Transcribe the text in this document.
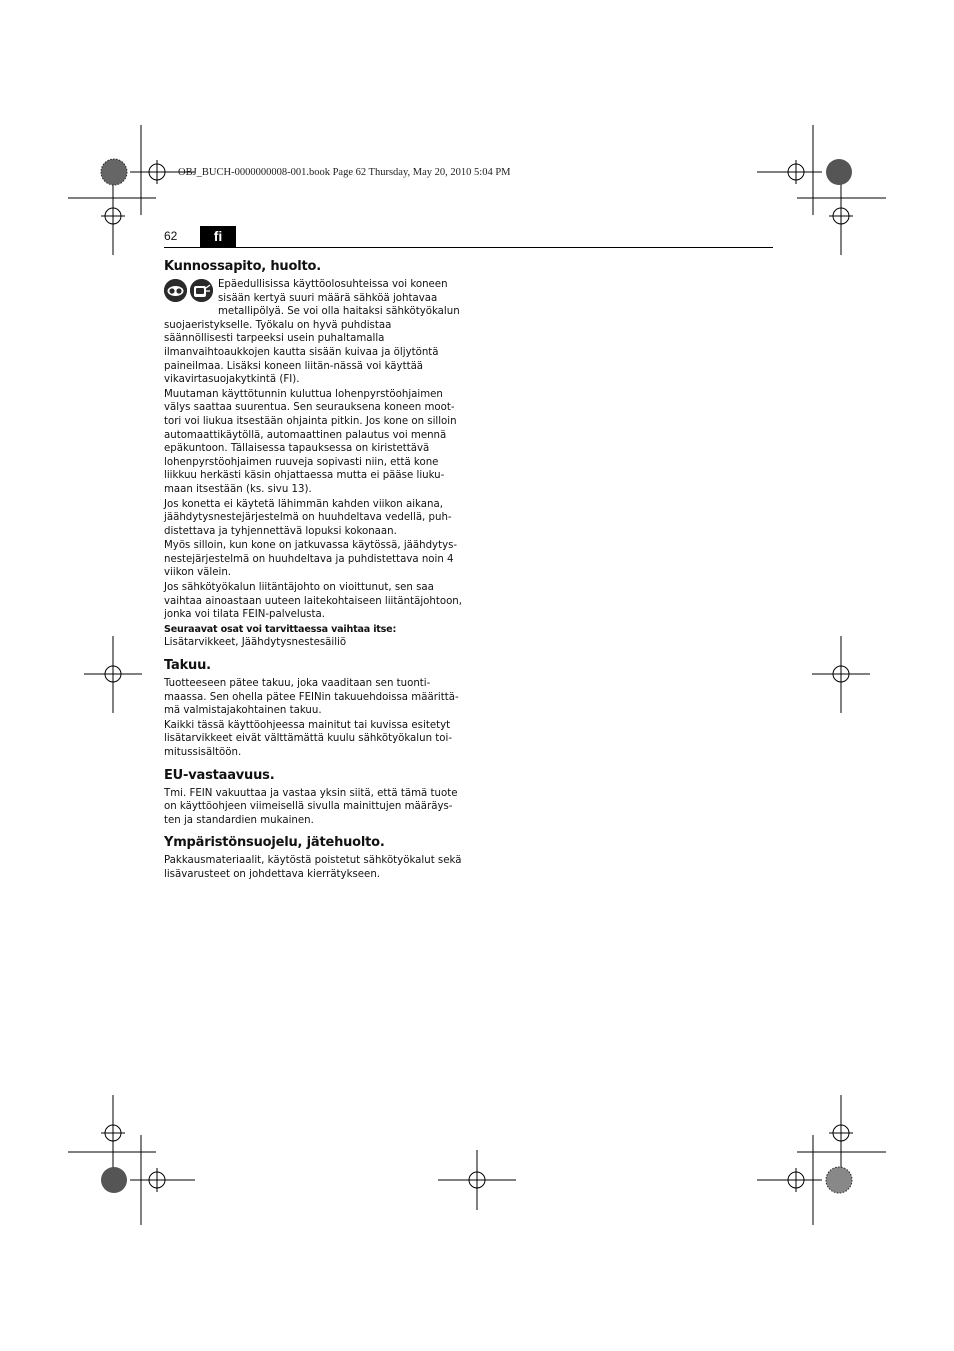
OBJ_BUCH-0000000008-001.book Page 62 Thursday, May 20, 2010 5:04 PM
62	fi
Kunnossapito, huolto.

Epäedullisissa käyttöolosuhteissa voi koneen sisään kertyä suuri määrä sähköä johtavaa metallipölyä. Se voi olla haitaksi sähkötyökalun suojaeristykselle. Työkalu on hyvä puhdistaa säännöllisesti tarpeeksi usein puhaltamalla ilmanvaihtoaukkojen kautta sisään kuivaa ja öljytöntä paineilmaa. Lisäksi koneen liitän-nässä voi käyttää vikavirtasuojakytkintä (FI).

Muutaman käyttötunnin kuluttua lohenpyrstöohjaimen välys saattaa suurentua. Sen seurauksena koneen moot-tori voi liukua itsestään ohjainta pitkin. Jos kone on silloin automaattikäytöllä, automaattinen palautus voi mennä epäkuntoon. Tällaisessa tapauksessa on kiristettävä lohenpyrstöohjaimen ruuveja sopivasti niin, että kone liikkuu herkästi käsin ohjattaessa mutta ei pääse liuku-maan itsestään (ks. sivu 13).

Jos konetta ei käytetä lähimmän kahden viikon aikana, jäähdytysnestejärjestelmä on huuhdeltava vedellä, puh-distettava ja tyhjennettävä lopuksi kokonaan.

Myös silloin, kun kone on jatkuvassa käytössä, jäähdytys-nestejärjestelmä on huuhdeltava ja puhdistettava noin 4 viikon välein.

Jos sähkötyökalun liitäntäjohto on vioittunut, sen saa vaihtaa ainoastaan uuteen laitekohtaiseen liitäntäjohtoon, jonka voi tilata FEIN-palvelusta.

Seuraavat osat voi tarvittaessa vaihtaa itse:

Lisätarvikkeet, Jäähdytysnestesäiliö

Takuu.

Tuotteeseen pätee takuu, joka vaaditaan sen tuonti-maassa. Sen ohella pätee FEINin takuuehdoissa määrittä-mä valmistajakohtainen takuu.

Kaikki tässä käyttöohjeessa mainitut tai kuvissa esitetyt lisätarvikkeet eivät välttämättä kuulu sähkötyökalun toi-mitussisältöön.

EU-vastaavuus.

Tmi. FEIN vakuuttaa ja vastaa yksin siitä, että tämä tuote on käyttöohjeen viimeisellä sivulla mainittujen määräys-ten ja standardien mukainen.

Ympäristönsuojelu, jätehuolto.

Pakkausmateriaalit, käytöstä poistetut sähkötyökalut sekä lisävarusteet on johdettava kierrätykseen.
